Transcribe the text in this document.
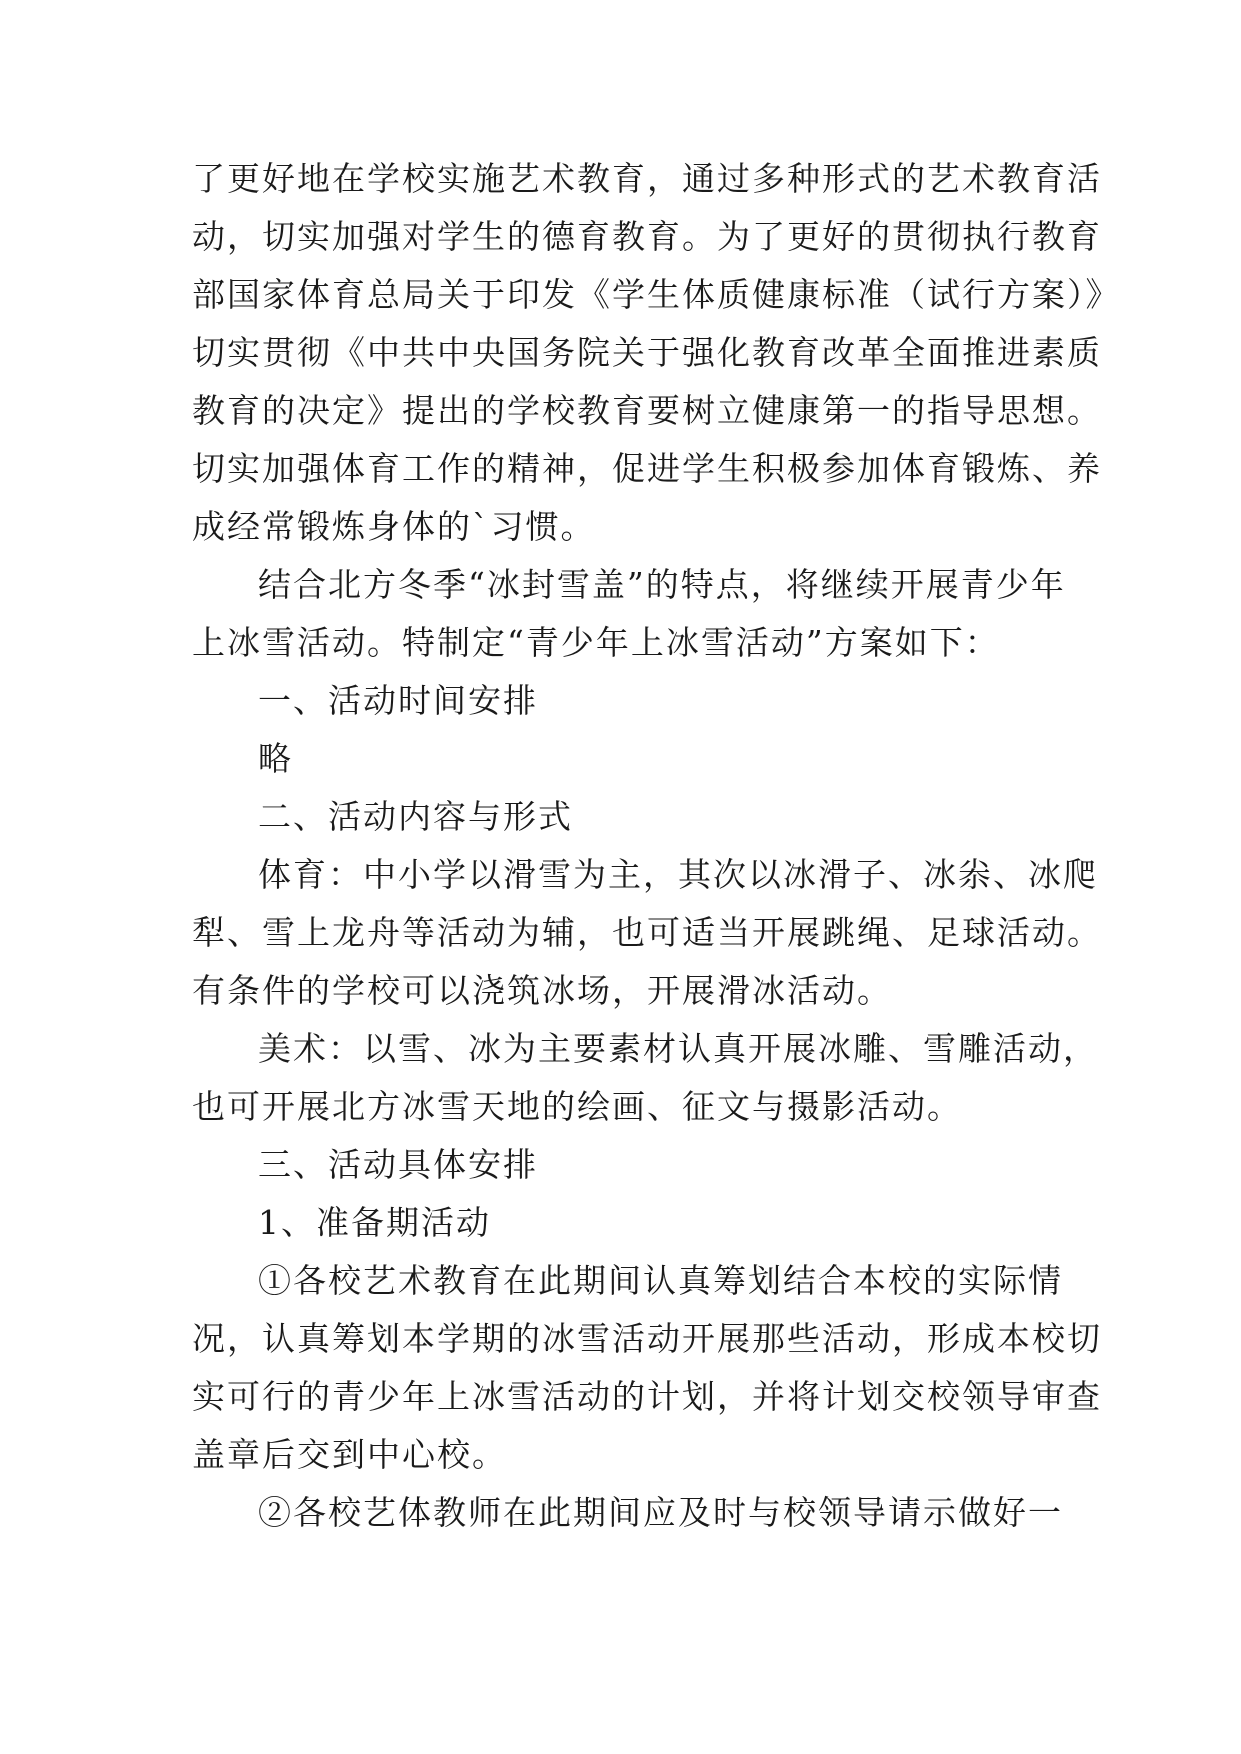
了更好地在学校实施艺术教育，通过多种形式的艺术教育活
动，切实加强对学生的德育教育。为了更好的贯彻执行教育
部国家体育总局关于印发《学生体质健康标准（试行方案）》
切实贯彻《中共中央国务院关于强化教育改革全面推进素质
教育的决定》提出的学校教育要树立健康第一的指导思想。
切实加强体育工作的精神，促进学生积极参加体育锻炼、养
成经常锻炼身体的`习惯。
结合北方冬季“冰封雪盖”的特点，将继续开展青少年
上冰雪活动。特制定“青少年上冰雪活动”方案如下：
一、活动时间安排
略
二、活动内容与形式
体育：中小学以滑雪为主，其次以冰滑子、冰尜、冰爬
犁、雪上龙舟等活动为辅，也可适当开展跳绳、足球活动。
有条件的学校可以浇筑冰场，开展滑冰活动。
美术：以雪、冰为主要素材认真开展冰雕、雪雕活动，
也可开展北方冰雪天地的绘画、征文与摄影活动。
三、活动具体安排
1、准备期活动
①各校艺术教育在此期间认真筹划结合本校的实际情
况，认真筹划本学期的冰雪活动开展那些活动，形成本校切
实可行的青少年上冰雪活动的计划，并将计划交校领导审查
盖章后交到中心校。
②各校艺体教师在此期间应及时与校领导请示做好一
